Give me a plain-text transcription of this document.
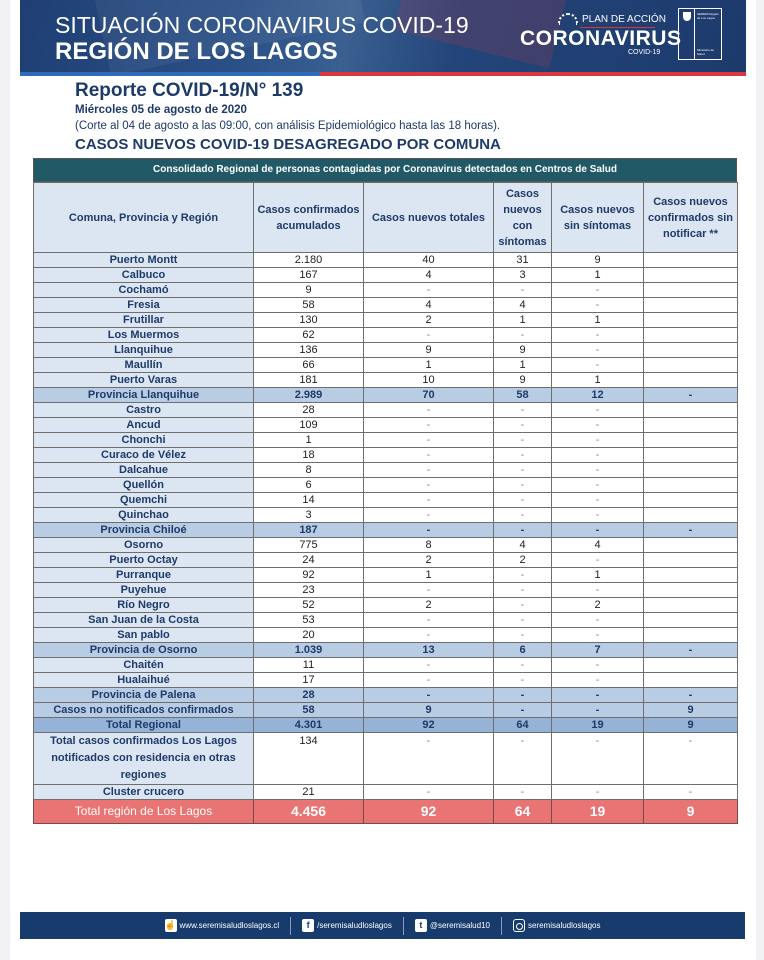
SITUACIÓN CORONAVIRUS COVID-19
REGIÓN DE LOS LAGOS
PLAN DE ACCIÓN
CORONAVIRUS
COVID-19
SEREMI Región de Los Lagos
Ministerio de Salud
Reporte COVID-19/N° 139
Miércoles 05 de agosto de 2020
(Corte al 04 de agosto a las 09:00, con análisis Epidemiológico hasta las 18 horas).
CASOS NUEVOS COVID-19 DESAGREGADO POR COMUNA
Consolidado Regional de personas contagiadas por Coronavirus detectados en Centros de Salud
Comuna, Provincia y Región	Casos confirmados acumulados	Casos nuevos totales	Casos nuevos con síntomas	Casos nuevos sin síntomas	Casos nuevos confirmados sin notificar **
Puerto Montt	2.180	40	31	9	
Calbuco	167	4	3	1	
Cochamó	9	-	-	-	
Fresia	58	4	4	-	
Frutillar	130	2	1	1	
Los Muermos	62	-	-	-	
Llanquihue	136	9	9	-	
Maullín	66	1	1	-	
Puerto Varas	181	10	9	1	
Provincia Llanquihue	2.989	70	58	12	-
Castro	28	-	-	-	
Ancud	109	-	-	-	
Chonchi	1	-	-	-	
Curaco de Vélez	18	-	-	-	
Dalcahue	8	-	-	-	
Quellón	6	-	-	-	
Quemchi	14	-	-	-	
Quinchao	3	-	-	-	
Provincia Chiloé	187	-	-	-	-
Osorno	775	8	4	4	
Puerto Octay	24	2	2	-	
Purranque	92	1	-	1	
Puyehue	23	-	-	-	
Río Negro	52	2	-	2	
San Juan de la Costa	53	-	-	-	
San pablo	20	-	-	-	
Provincia de Osorno	1.039	13	6	7	-
Chaitén	11	-	-	-	
Hualaihué	17	-	-	-	
Provincia de Palena	28	-	-	-	-
Casos no notificados confirmados	58	9	-	-	9
Total Regional	4.301	92	64	19	9
Total casos confirmados Los Lagos notificados con residencia en otras regiones	134	-	-	-	-
Cluster crucero	21	-	-	-	-
Total región de Los Lagos	4.456	92	64	19	9
☝ www.seremisaludloslagos.cl	f /seremisaludloslagos	t @seremisalud10	seremisaludloslagos
